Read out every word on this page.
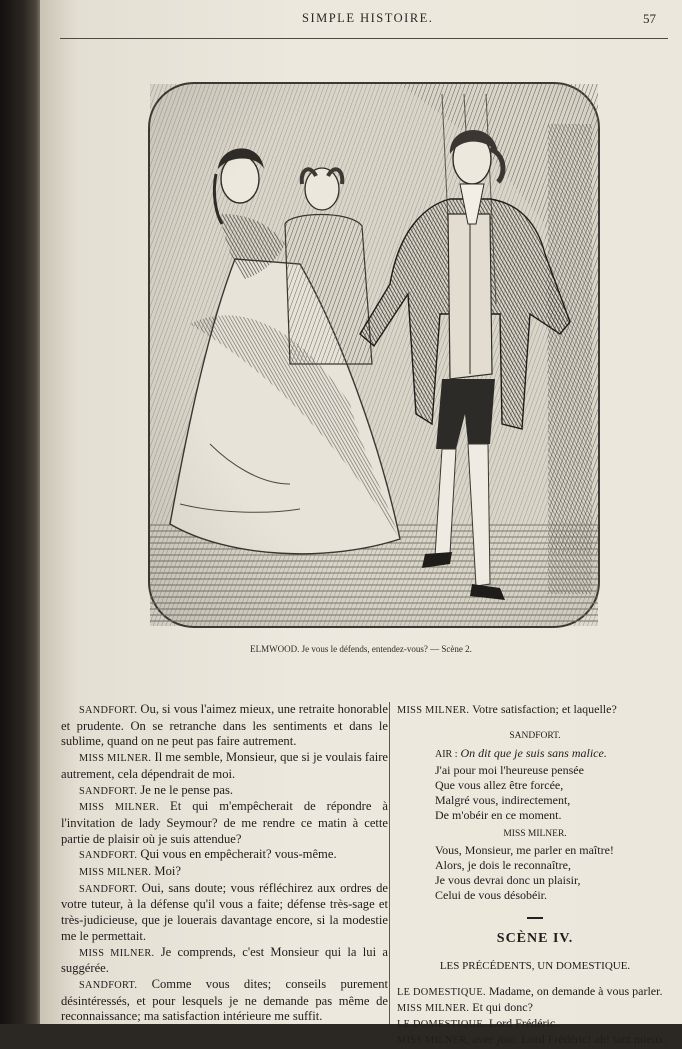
SIMPLE HISTOIRE.	57
ELMWOOD. Je vous le défends, entendez-vous? — Scène 2.

SANDFORT. Ou, si vous l'aimez mieux, une retraite honorable et prudente. On se retranche dans les sentiments et dans le sublime, quand on ne peut pas faire autrement.

MISS MILNER. Il me semble, Monsieur, que si je voulais faire autrement, cela dépendrait de moi.

SANDFORT. Je ne le pense pas.

MISS MILNER. Et qui m'empêcherait de répondre à l'invitation de lady Seymour? de me rendre ce matin à cette partie de plaisir où je suis attendue?

SANDFORT. Qui vous en empêcherait? vous-même.

MISS MILNER. Moi?

SANDFORT. Oui, sans doute; vous réfléchirez aux ordres de votre tuteur, à la défense qu'il vous a faite; défense très-sage et très-judicieuse, que je louerais davantage encore, si la modestie me le permettait.

MISS MILNER. Je comprends, c'est Monsieur qui la lui a suggérée.

SANDFORT. Comme vous dites; conseils purement désintéressés, et pour lesquels je ne demande pas même de reconnaissance; ma satisfaction intérieure me suffit.

MISS MILNER. Votre satisfaction; et laquelle?

SANDFORT.
AIR : On dit que je suis sans malice.
J'ai pour moi l'heureuse pensée
Que vous allez être forcée,
Malgré vous, indirectement,
De m'obéir en ce moment.
MISS MILNER.
Vous, Monsieur, me parler en maître!
Alors, je dois le reconnaître,
Je vous devrai donc un plaisir,
Celui de vous désobéir.
SCÈNE IV.
LES PRÉCÉDENTS, UN DOMESTIQUE.

LE DOMESTIQUE. Madame, on demande à vous parler.

MISS MILNER. Et qui donc?

LE DOMESTIQUE. Lord Frédéric.

MISS MILNER, avec joie. Lord Frédéric! ah! tant mieux.
